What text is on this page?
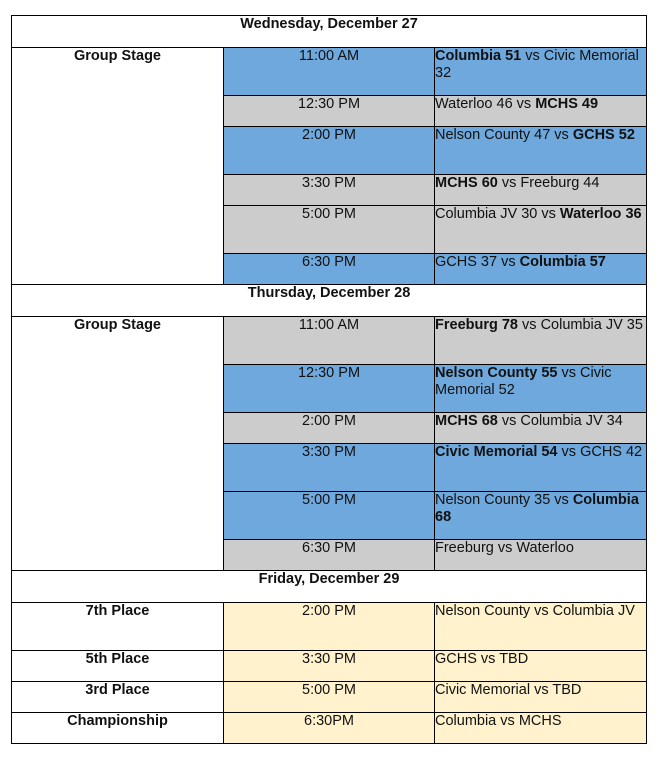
Wednesday, December 27		
Group Stage	11:00 AM	Columbia 51 vs Civic Memorial 32
	12:30 PM	Waterloo 46 vs MCHS 49
	2:00 PM	Nelson County 47 vs GCHS 52
	3:30 PM	MCHS 60 vs Freeburg 44
	5:00 PM	Columbia JV 30 vs Waterloo 36
	6:30 PM	GCHS 37 vs Columbia 57
Thursday, December 28		
Group Stage	11:00 AM	Freeburg 78 vs Columbia JV 35
	12:30 PM	Nelson County 55 vs Civic Memorial 52
	2:00 PM	MCHS 68 vs Columbia JV 34
	3:30 PM	Civic Memorial 54 vs GCHS 42
	5:00 PM	Nelson County 35 vs Columbia 68
	6:30 PM	Freeburg vs Waterloo
Friday, December 29		
7th Place	2:00 PM	Nelson County vs Columbia JV
5th Place	3:30 PM	GCHS vs TBD
3rd Place	5:00 PM	Civic Memorial vs TBD
Championship	6:30PM	Columbia vs MCHS
